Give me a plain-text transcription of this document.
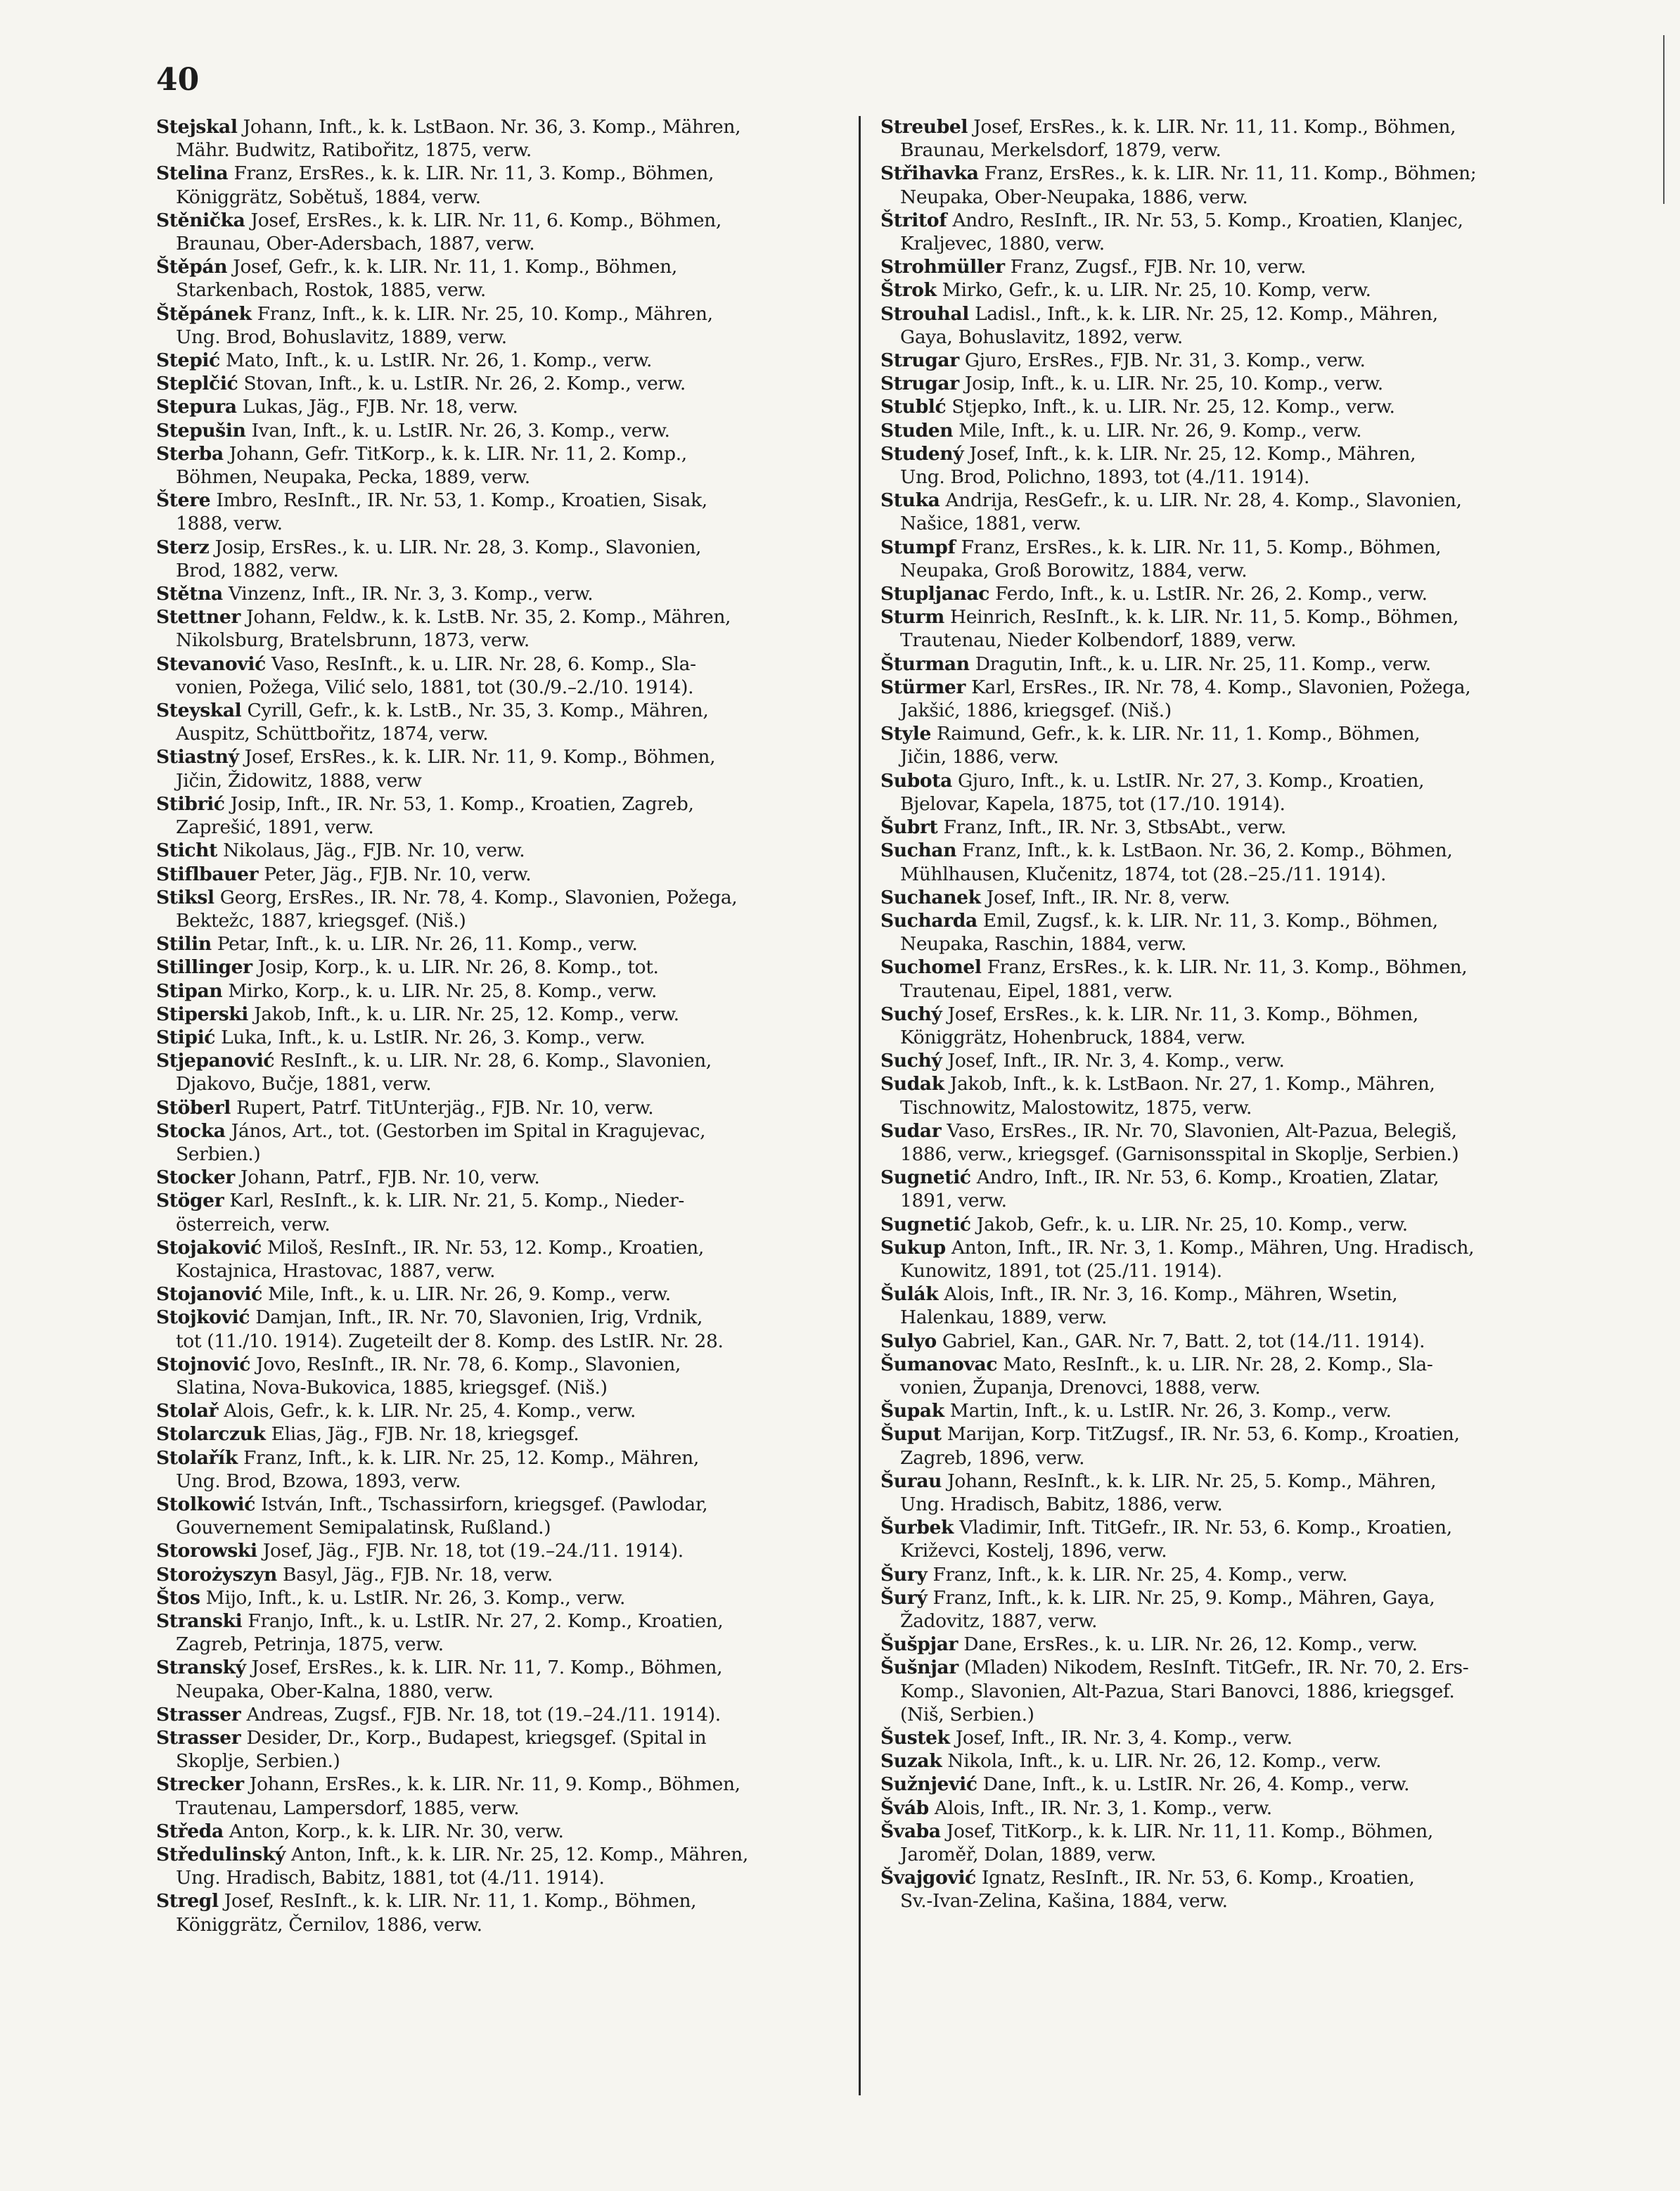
40
Stejskal Johann, Inft., k. k. LstBaon. Nr. 36, 3. Komp., Mähren,
Mähr. Budwitz, Ratibořitz, 1875, verw.
Stelina Franz, ErsRes., k. k. LIR. Nr. 11, 3. Komp., Böhmen,
Königgrätz, Sobětuš, 1884, verw.
Stěnička Josef, ErsRes., k. k. LIR. Nr. 11, 6. Komp., Böhmen,
Braunau, Ober-Adersbach, 1887, verw.
Štěpán Josef, Gefr., k. k. LIR. Nr. 11, 1. Komp., Böhmen,
Starkenbach, Rostok, 1885, verw.
Štěpánek Franz, Inft., k. k. LIR. Nr. 25, 10. Komp., Mähren,
Ung. Brod, Bohuslavitz, 1889, verw.
Stepić Mato, Inft., k. u. LstIR. Nr. 26, 1. Komp., verw.
Steplčić Stovan, Inft., k. u. LstIR. Nr. 26, 2. Komp., verw.
Stepura Lukas, Jäg., FJB. Nr. 18, verw.
Stepušin Ivan, Inft., k. u. LstIR. Nr. 26, 3. Komp., verw.
Sterba Johann, Gefr. TitKorp., k. k. LIR. Nr. 11, 2. Komp.,
Böhmen, Neupaka, Pecka, 1889, verw.
Štere Imbro, ResInft., IR. Nr. 53, 1. Komp., Kroatien, Sisak,
1888, verw.
Sterz Josip, ErsRes., k. u. LIR. Nr. 28, 3. Komp., Slavonien,
Brod, 1882, verw.
Stětna Vinzenz, Inft., IR. Nr. 3, 3. Komp., verw.
Stettner Johann, Feldw., k. k. LstB. Nr. 35, 2. Komp., Mähren,
Nikolsburg, Bratelsbrunn, 1873, verw.
Stevanović Vaso, ResInft., k. u. LIR. Nr. 28, 6. Komp., Sla-
vonien, Požega, Vilić selo, 1881, tot (30./9.–2./10. 1914).
Steyskal Cyrill, Gefr., k. k. LstB., Nr. 35, 3. Komp., Mähren,
Auspitz, Schüttbořitz, 1874, verw.
Stiastný Josef, ErsRes., k. k. LIR. Nr. 11, 9. Komp., Böhmen,
Jičin, Židowitz, 1888, verw
Stibrić Josip, Inft., IR. Nr. 53, 1. Komp., Kroatien, Zagreb,
Zaprešić, 1891, verw.
Sticht Nikolaus, Jäg., FJB. Nr. 10, verw.
Stiflbauer Peter, Jäg., FJB. Nr. 10, verw.
Stiksl Georg, ErsRes., IR. Nr. 78, 4. Komp., Slavonien, Požega,
Bektežc, 1887, kriegsgef. (Niš.)
Stilin Petar, Inft., k. u. LIR. Nr. 26, 11. Komp., verw.
Stillinger Josip, Korp., k. u. LIR. Nr. 26, 8. Komp., tot.
Stipan Mirko, Korp., k. u. LIR. Nr. 25, 8. Komp., verw.
Stiperski Jakob, Inft., k. u. LIR. Nr. 25, 12. Komp., verw.
Stipić Luka, Inft., k. u. LstIR. Nr. 26, 3. Komp., verw.
Stjepanović ResInft., k. u. LIR. Nr. 28, 6. Komp., Slavonien,
Djakovo, Bučje, 1881, verw.
Stöberl Rupert, Patrf. TitUnterjäg., FJB. Nr. 10, verw.
Stocka János, Art., tot. (Gestorben im Spital in Kragujevac,
Serbien.)
Stocker Johann, Patrf., FJB. Nr. 10, verw.
Stöger Karl, ResInft., k. k. LIR. Nr. 21, 5. Komp., Nieder-
österreich, verw.
Stojaković Miloš, ResInft., IR. Nr. 53, 12. Komp., Kroatien,
Kostajnica, Hrastovac, 1887, verw.
Stojanović Mile, Inft., k. u. LIR. Nr. 26, 9. Komp., verw.
Stojković Damjan, Inft., IR. Nr. 70, Slavonien, Irig, Vrdnik,
tot (11./10. 1914). Zugeteilt der 8. Komp. des LstIR. Nr. 28.
Stojnović Jovo, ResInft., IR. Nr. 78, 6. Komp., Slavonien,
Slatina, Nova-Bukovica, 1885, kriegsgef. (Niš.)
Stolař Alois, Gefr., k. k. LIR. Nr. 25, 4. Komp., verw.
Stolarczuk Elias, Jäg., FJB. Nr. 18, kriegsgef.
Stolařík Franz, Inft., k. k. LIR. Nr. 25, 12. Komp., Mähren,
Ung. Brod, Bzowa, 1893, verw.
Stolkowić István, Inft., Tschassirforn, kriegsgef. (Pawlodar,
Gouvernement Semipalatinsk, Rußland.)
Storowski Josef, Jäg., FJB. Nr. 18, tot (19.–24./11. 1914).
Storożyszyn Basyl, Jäg., FJB. Nr. 18, verw.
Štos Mijo, Inft., k. u. LstIR. Nr. 26, 3. Komp., verw.
Stranski Franjo, Inft., k. u. LstIR. Nr. 27, 2. Komp., Kroatien,
Zagreb, Petrinja, 1875, verw.
Stranský Josef, ErsRes., k. k. LIR. Nr. 11, 7. Komp., Böhmen,
Neupaka, Ober-Kalna, 1880, verw.
Strasser Andreas, Zugsf., FJB. Nr. 18, tot (19.–24./11. 1914).
Strasser Desider, Dr., Korp., Budapest, kriegsgef. (Spital in
Skoplje, Serbien.)
Strecker Johann, ErsRes., k. k. LIR. Nr. 11, 9. Komp., Böhmen,
Trautenau, Lampersdorf, 1885, verw.
Středa Anton, Korp., k. k. LIR. Nr. 30, verw.
Středulinský Anton, Inft., k. k. LIR. Nr. 25, 12. Komp., Mähren,
Ung. Hradisch, Babitz, 1881, tot (4./11. 1914).
Stregl Josef, ResInft., k. k. LIR. Nr. 11, 1. Komp., Böhmen,
Königgrätz, Černilov, 1886, verw.
Streubel Josef, ErsRes., k. k. LIR. Nr. 11, 11. Komp., Böhmen,
Braunau, Merkelsdorf, 1879, verw.
Střihavka Franz, ErsRes., k. k. LIR. Nr. 11, 11. Komp., Böhmen;
Neupaka, Ober-Neupaka, 1886, verw.
Štritof Andro, ResInft., IR. Nr. 53, 5. Komp., Kroatien, Klanjec,
Kraljevec, 1880, verw.
Strohmüller Franz, Zugsf., FJB. Nr. 10, verw.
Štrok Mirko, Gefr., k. u. LIR. Nr. 25, 10. Komp, verw.
Strouhal Ladisl., Inft., k. k. LIR. Nr. 25, 12. Komp., Mähren,
Gaya, Bohuslavitz, 1892, verw.
Strugar Gjuro, ErsRes., FJB. Nr. 31, 3. Komp., verw.
Strugar Josip, Inft., k. u. LIR. Nr. 25, 10. Komp., verw.
Stublć Stjepko, Inft., k. u. LIR. Nr. 25, 12. Komp., verw.
Studen Mile, Inft., k. u. LIR. Nr. 26, 9. Komp., verw.
Studený Josef, Inft., k. k. LIR. Nr. 25, 12. Komp., Mähren,
Ung. Brod, Polichno, 1893, tot (4./11. 1914).
Stuka Andrija, ResGefr., k. u. LIR. Nr. 28, 4. Komp., Slavonien,
Našice, 1881, verw.
Stumpf Franz, ErsRes., k. k. LIR. Nr. 11, 5. Komp., Böhmen,
Neupaka, Groß Borowitz, 1884, verw.
Stupljanac Ferdo, Inft., k. u. LstIR. Nr. 26, 2. Komp., verw.
Sturm Heinrich, ResInft., k. k. LIR. Nr. 11, 5. Komp., Böhmen,
Trautenau, Nieder Kolbendorf, 1889, verw.
Šturman Dragutin, Inft., k. u. LIR. Nr. 25, 11. Komp., verw.
Stürmer Karl, ErsRes., IR. Nr. 78, 4. Komp., Slavonien, Požega,
Jakšić, 1886, kriegsgef. (Niš.)
Style Raimund, Gefr., k. k. LIR. Nr. 11, 1. Komp., Böhmen,
Jičin, 1886, verw.
Subota Gjuro, Inft., k. u. LstIR. Nr. 27, 3. Komp., Kroatien,
Bjelovar, Kapela, 1875, tot (17./10. 1914).
Šubrt Franz, Inft., IR. Nr. 3, StbsAbt., verw.
Suchan Franz, Inft., k. k. LstBaon. Nr. 36, 2. Komp., Böhmen,
Mühlhausen, Klučenitz, 1874, tot (28.–25./11. 1914).
Suchanek Josef, Inft., IR. Nr. 8, verw.
Sucharda Emil, Zugsf., k. k. LIR. Nr. 11, 3. Komp., Böhmen,
Neupaka, Raschin, 1884, verw.
Suchomel Franz, ErsRes., k. k. LIR. Nr. 11, 3. Komp., Böhmen,
Trautenau, Eipel, 1881, verw.
Suchý Josef, ErsRes., k. k. LIR. Nr. 11, 3. Komp., Böhmen,
Königgrätz, Hohenbruck, 1884, verw.
Suchý Josef, Inft., IR. Nr. 3, 4. Komp., verw.
Sudak Jakob, Inft., k. k. LstBaon. Nr. 27, 1. Komp., Mähren,
Tischnowitz, Malostowitz, 1875, verw.
Sudar Vaso, ErsRes., IR. Nr. 70, Slavonien, Alt-Pazua, Belegiš,
1886, verw., kriegsgef. (Garnisonsspital in Skoplje, Serbien.)
Sugnetić Andro, Inft., IR. Nr. 53, 6. Komp., Kroatien, Zlatar,
1891, verw.
Sugnetić Jakob, Gefr., k. u. LIR. Nr. 25, 10. Komp., verw.
Sukup Anton, Inft., IR. Nr. 3, 1. Komp., Mähren, Ung. Hradisch,
Kunowitz, 1891, tot (25./11. 1914).
Šulák Alois, Inft., IR. Nr. 3, 16. Komp., Mähren, Wsetin,
Halenkau, 1889, verw.
Sulyo Gabriel, Kan., GAR. Nr. 7, Batt. 2, tot (14./11. 1914).
Šumanovac Mato, ResInft., k. u. LIR. Nr. 28, 2. Komp., Sla-
vonien, Županja, Drenovci, 1888, verw.
Šupak Martin, Inft., k. u. LstIR. Nr. 26, 3. Komp., verw.
Šuput Marijan, Korp. TitZugsf., IR. Nr. 53, 6. Komp., Kroatien,
Zagreb, 1896, verw.
Šurau Johann, ResInft., k. k. LIR. Nr. 25, 5. Komp., Mähren,
Ung. Hradisch, Babitz, 1886, verw.
Šurbek Vladimir, Inft. TitGefr., IR. Nr. 53, 6. Komp., Kroatien,
Križevci, Kostelj, 1896, verw.
Šury Franz, Inft., k. k. LIR. Nr. 25, 4. Komp., verw.
Šurý Franz, Inft., k. k. LIR. Nr. 25, 9. Komp., Mähren, Gaya,
Žadovitz, 1887, verw.
Šušpjar Dane, ErsRes., k. u. LIR. Nr. 26, 12. Komp., verw.
Šušnjar (Mladen) Nikodem, ResInft. TitGefr., IR. Nr. 70, 2. Ers-
Komp., Slavonien, Alt-Pazua, Stari Banovci, 1886, kriegsgef.
(Niš, Serbien.)
Šustek Josef, Inft., IR. Nr. 3, 4. Komp., verw.
Suzak Nikola, Inft., k. u. LIR. Nr. 26, 12. Komp., verw.
Sužnjević Dane, Inft., k. u. LstIR. Nr. 26, 4. Komp., verw.
Šváb Alois, Inft., IR. Nr. 3, 1. Komp., verw.
Švaba Josef, TitKorp., k. k. LIR. Nr. 11, 11. Komp., Böhmen,
Jaroměř, Dolan, 1889, verw.
Švajgović Ignatz, ResInft., IR. Nr. 53, 6. Komp., Kroatien,
Sv.-Ivan-Zelina, Kašina, 1884, verw.
